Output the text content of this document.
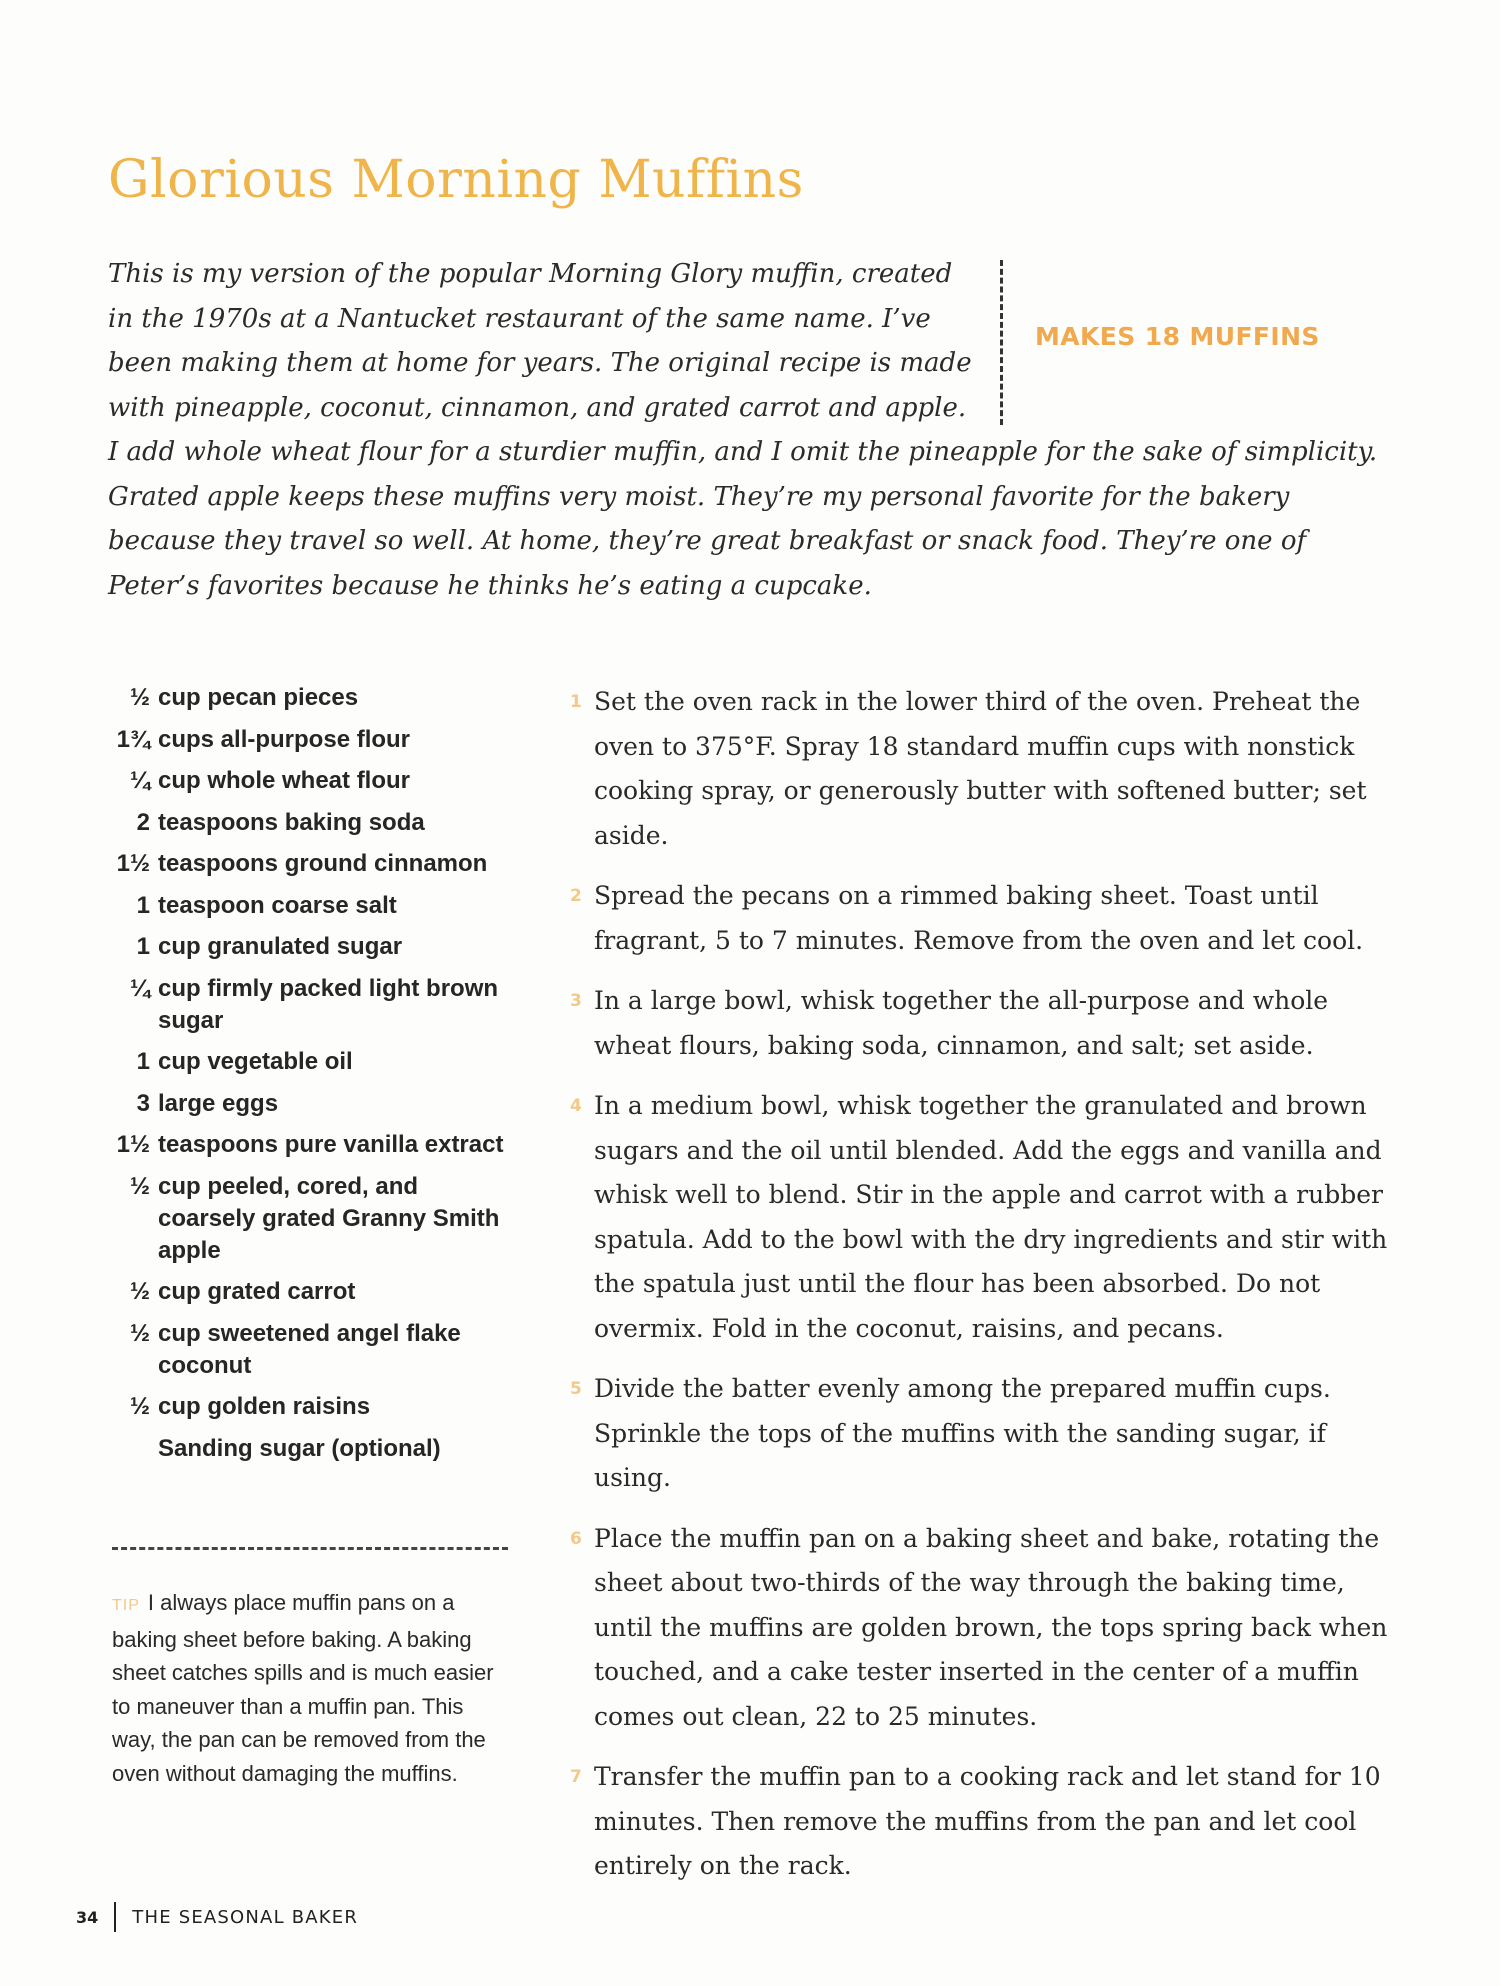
Glorious Morning Muffins
MAKES 18 MUFFINS

This is my version of the popular Morning Glory muffin, created in the 1970s at a Nantucket restaurant of the same name. I’ve been making them at home for years. The original recipe is made with pineapple, coconut, cinnamon, and grated carrot and apple. I add whole wheat flour for a sturdier muffin, and I omit the pineapple for the sake of simplicity. Grated apple keeps these muffins very moist. They’re my personal favorite for the bakery because they travel so well. At home, they’re great breakfast or snack food. They’re one of Peter’s favorites because he thinks he’s eating a cupcake.

½ cup pecan pieces
1¾ cups all-purpose flour
¼ cup whole wheat flour
2 teaspoons baking soda
1½ teaspoons ground cinnamon
1 teaspoon coarse salt
1 cup granulated sugar
¼ cup firmly packed light brown sugar
1 cup vegetable oil
3 large eggs
1½ teaspoons pure vanilla extract
½ cup peeled, cored, and coarsely grated Granny Smith apple
½ cup grated carrot
½ cup sweetened angel flake coconut
½ cup golden raisins
Sanding sugar (optional)

TIP I always place muffin pans on a baking sheet before baking. A baking sheet catches spills and is much easier to maneuver than a muffin pan. This way, the pan can be removed from the oven without damaging the muffins.

1 Set the oven rack in the lower third of the oven. Preheat the oven to 375°F. Spray 18 standard muffin cups with nonstick cooking spray, or generously butter with softened butter; set aside.
2 Spread the pecans on a rimmed baking sheet. Toast until fragrant, 5 to 7 minutes. Remove from the oven and let cool.
3 In a large bowl, whisk together the all-purpose and whole wheat flours, baking soda, cinnamon, and salt; set aside.
4 In a medium bowl, whisk together the granulated and brown sugars and the oil until blended. Add the eggs and vanilla and whisk well to blend. Stir in the apple and carrot with a rubber spatula. Add to the bowl with the dry ingredients and stir with the spatula just until the flour has been absorbed. Do not overmix. Fold in the coconut, raisins, and pecans.
5 Divide the batter evenly among the prepared muffin cups. Sprinkle the tops of the muffins with the sanding sugar, if using.
6 Place the muffin pan on a baking sheet and bake, rotating the sheet about two-thirds of the way through the baking time, until the muffins are golden brown, the tops spring back when touched, and a cake tester inserted in the center of a muffin comes out clean, 22 to 25 minutes.
7 Transfer the muffin pan to a cooking rack and let stand for 10 minutes. Then remove the muffins from the pan and let cool entirely on the rack.
34 THE SEASONAL BAKER
